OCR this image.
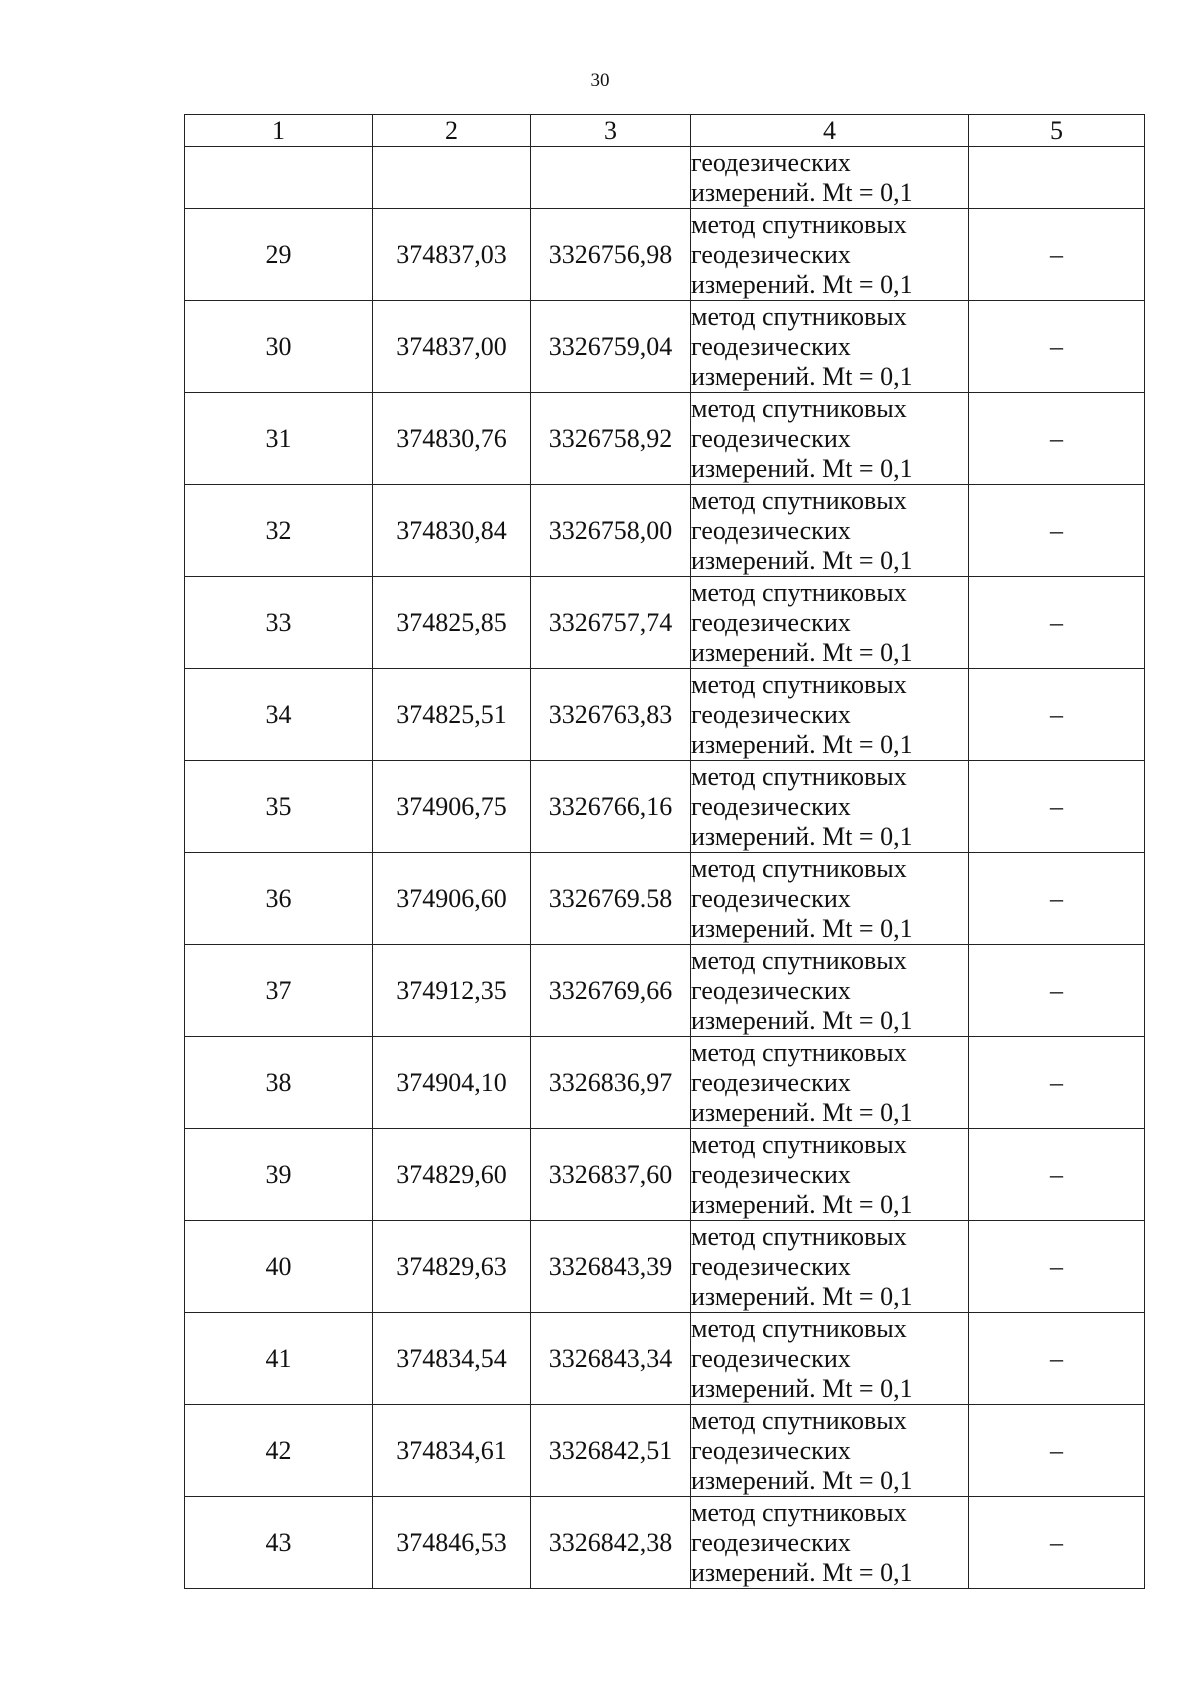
30
1	2	3	4	5

			геодезических
измерений. Mt = 0,1	

29	374837,03	3326756,98	метод спутниковых
геодезических
измерений. Mt = 0,1	–
30	374837,00	3326759,04	метод спутниковых
геодезических
измерений. Mt = 0,1	–
31	374830,76	3326758,92	метод спутниковых
геодезических
измерений. Mt = 0,1	–
32	374830,84	3326758,00	метод спутниковых
геодезических
измерений. Mt = 0,1	–
33	374825,85	3326757,74	метод спутниковых
геодезических
измерений. Mt = 0,1	–
34	374825,51	3326763,83	метод спутниковых
геодезических
измерений. Mt = 0,1	–
35	374906,75	3326766,16	метод спутниковых
геодезических
измерений. Mt = 0,1	–
36	374906,60	3326769.58	метод спутниковых
геодезических
измерений. Mt = 0,1	–
37	374912,35	3326769,66	метод спутниковых
геодезических
измерений. Mt = 0,1	–
38	374904,10	3326836,97	метод спутниковых
геодезических
измерений. Mt = 0,1	–
39	374829,60	3326837,60	метод спутниковых
геодезических
измерений. Mt = 0,1	–
40	374829,63	3326843,39	метод спутниковых
геодезических
измерений. Mt = 0,1	–
41	374834,54	3326843,34	метод спутниковых
геодезических
измерений. Mt = 0,1	–
42	374834,61	3326842,51	метод спутниковых
геодезических
измерений. Mt = 0,1	–
43	374846,53	3326842,38	метод спутниковых
геодезических
измерений. Mt = 0,1	–
